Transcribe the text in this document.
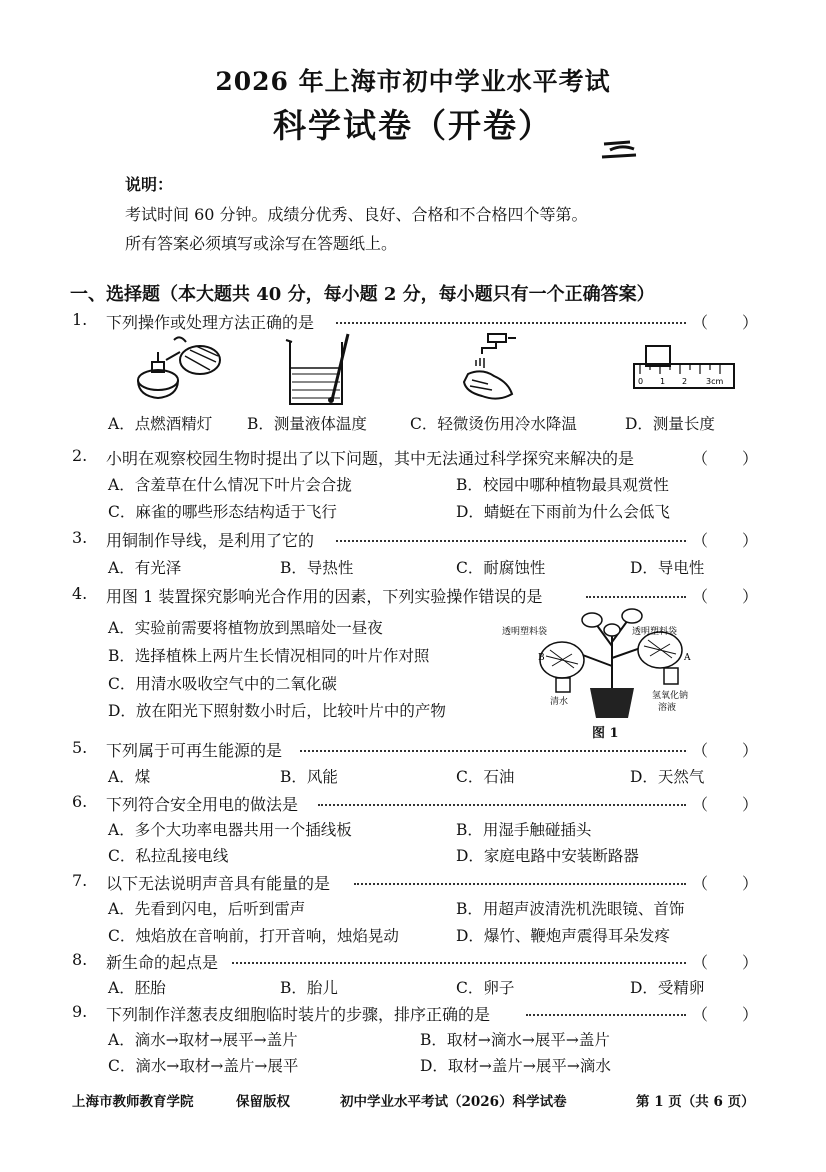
2026 年上海市初中学业水平考试
科学试卷（开卷）
说明：
考试时间 60 分钟。成绩分优秀、良好、合格和不合格四个等第。
所有答案必须填写或涂写在答题纸上。
一、选择题（本大题共 40 分，每小题 2 分，每小题只有一个正确答案）
1. 下列操作或处理方法正确的是	（ ）
0 1 2 3cm
A．点燃酒精灯 B．测量液体温度	C．轻微烫伤用冷水降温	D．测量长度
2. 小明在观察校园生物时提出了以下问题，其中无法通过科学探究来解决的是	（ ）
A．含羞草在什么情况下叶片会合拢	B．校园中哪种植物最具观赏性
C．麻雀的哪些形态结构适于飞行	D．蜻蜓在下雨前为什么会低飞
3. 用铜制作导线，是利用了它的	（ ）
A．有光泽	B．导热性	C．耐腐蚀性	D．导电性
4. 用图 1 装置探究影响光合作用的因素，下列实验操作错误的是	（ ）
A．实验前需要将植物放到黑暗处一昼夜
B．选择植株上两片生长情况相同的叶片作对照
C．用清水吸收空气中的二氧化碳
D．放在阳光下照射数小时后，比较叶片中的产物
透明塑料袋	透明塑料袋
B	A
清水
氢氧化钠
溶液
图 1
5. 下列属于可再生能源的是	（ ）
A．煤	B．风能	C．石油	D．天然气
6. 下列符合安全用电的做法是	（ ）
A．多个大功率电器共用一个插线板	B．用湿手触碰插头
C．私拉乱接电线	D．家庭电路中安装断路器
7. 以下无法说明声音具有能量的是	（ ）
A．先看到闪电，后听到雷声	B．用超声波清洗机洗眼镜、首饰
C．烛焰放在音响前，打开音响，烛焰晃动	D．爆竹、鞭炮声震得耳朵发疼
8. 新生命的起点是	（ ）
A．胚胎	B．胎儿	C．卵子	D．受精卵
9. 下列制作洋葱表皮细胞临时装片的步骤，排序正确的是	（ ）
A．滴水→取材→展平→盖片	B．取材→滴水→展平→盖片
C．滴水→取材→盖片→展平	D．取材→盖片→展平→滴水
上海市教师教育学院	保留版权	初中学业水平考试（2026）科学试卷	第 1 页（共 6 页）
